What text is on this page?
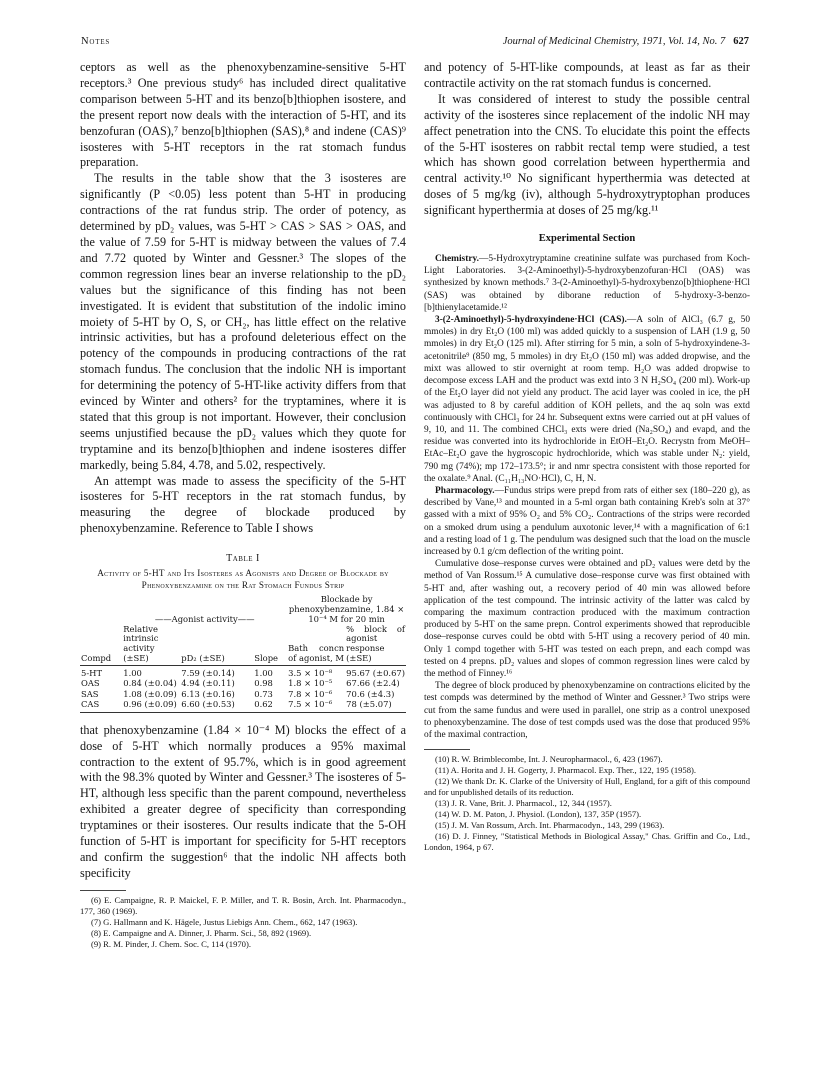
Notes	Journal of Medicinal Chemistry, 1971, Vol. 14, No. 7 627

ceptors as well as the phenoxybenzamine-sensitive 5-HT receptors.³ One previous study⁶ has included direct qualitative comparison between 5-HT and its benzo[b]thiophen isostere, and the present report now deals with the interaction of 5-HT, and its benzofuran (OAS),⁷ benzo[b]thiophen (SAS),⁸ and indene (CAS)⁹ isosteres with 5-HT receptors in the rat stomach fundus preparation.

The results in the table show that the 3 isosteres are significantly (P <0.05) less potent than 5-HT in producing contractions of the rat fundus strip. The order of potency, as determined by pD₂ values, was 5-HT > CAS > SAS > OAS, and the value of 7.59 for 5-HT is midway between the values of 7.4 and 7.72 quoted by Winter and Gessner.³ The slopes of the common regression lines bear an inverse relationship to the pD₂ values but the significance of this finding has not been investigated. It is evident that substitution of the indolic imino moiety of 5-HT by O, S, or CH₂, has little effect on the relative intrinsic activities, but has a profound deleterious effect on the potency of the compounds in producing contractions of the rat stomach fundus. The conclusion that the indolic NH is important for determining the potency of 5-HT-like activity differs from that evinced by Winter and others² for the tryptamines, where it is stated that this group is not important. However, their conclusion seems unjustified because the pD₂ values which they quote for tryptamine and its benzo[b]thiophen and indene isosteres differ markedly, being 5.84, 4.78, and 5.02, respectively.

An attempt was made to assess the specificity of the 5-HT isosteres for 5-HT receptors in the rat stomach fundus, by measuring the degree of blockade produced by phenoxybenzamine. Reference to Table I shows

Table I
Activity of 5-HT and Its Isosteres as Agonists and Degree of Blockade by Phenoxybenzamine on the Rat Stomach Fundus Strip
	——Agonist activity——			Blockade by phenoxybenzamine, 1.84 × 10⁻⁴ M for 20 min	
Compd	Relative intrinsic activity (±SE)	pD₂ (±SE)	Slope	Bath concn of agonist, M	% block of agonist response (±SE)
5-HT	1.00	7.59 (±0.14)	1.00	3.5 × 10⁻⁸	95.67 (±0.67)
OAS	0.84 (±0.04)	4.94 (±0.11)	0.98	1.8 × 10⁻⁵	67.66 (±2.4)
SAS	1.08 (±0.09)	6.13 (±0.16)	0.73	7.8 × 10⁻⁶	70.6 (±4.3)
CAS	0.96 (±0.09)	6.60 (±0.53)	0.62	7.5 × 10⁻⁶	78 (±5.07)

that phenoxybenzamine (1.84 × 10⁻⁴ M) blocks the effect of a dose of 5-HT which normally produces a 95% maximal contraction to the extent of 95.7%, which is in good agreement with the 98.3% quoted by Winter and Gessner.³ The isosteres of 5-HT, although less specific than the parent compound, nevertheless exhibited a greater degree of specificity than corresponding tryptamines or their isosteres. Our results indicate that the 5-OH function of 5-HT is important for specificity for 5-HT receptors and confirm the suggestion⁶ that the indolic NH affects both specificity

(6) E. Campaigne, R. P. Maickel, F. P. Miller, and T. R. Bosin, Arch. Int. Pharmacodyn., 177, 360 (1969).
(7) G. Hallmann and K. Hägele, Justus Liebigs Ann. Chem., 662, 147 (1963).
(8) E. Campaigne and A. Dinner, J. Pharm. Sci., 58, 892 (1969).
(9) R. M. Pinder, J. Chem. Soc. C, 114 (1970).

and potency of 5-HT-like compounds, at least as far as their contractile activity on the rat stomach fundus is concerned.

It was considered of interest to study the possible central activity of the isosteres since replacement of the indolic NH may affect penetration into the CNS. To elucidate this point the effects of the 5-HT isosteres on rabbit rectal temp were studied, a test which has shown good correlation between hyperthermia and central activity.¹⁰ No significant hyperthermia was detected at doses of 5 mg/kg (iv), although 5-hydroxytryptophan produces significant hyperthermia at doses of 25 mg/kg.¹¹

Experimental Section

Chemistry.—5-Hydroxytryptamine creatinine sulfate was purchased from Koch-Light Laboratories. 3-(2-Aminoethyl)-5-hydroxybenzofuran·HCl (OAS) was synthesized by known methods.⁷ 3-(2-Aminoethyl)-5-hydroxybenzo[b]thiophene·HCl (SAS) was obtained by diborane reduction of 5-hydroxy-3-benzo-[b]thienylacetamide.¹²

3-(2-Aminoethyl)-5-hydroxyindene·HCl (CAS).—A soln of AlCl₃ (6.7 g, 50 mmoles) in dry Et₂O (100 ml) was added quickly to a suspension of LAH (1.9 g, 50 mmoles) in dry Et₂O (125 ml). After stirring for 5 min, a soln of 5-hydroxyindene-3-acetonitrile⁹ (850 mg, 5 mmoles) in dry Et₂O (150 ml) was added dropwise, and the mixt was allowed to stir overnight at room temp. H₂O was added dropwise to decompose excess LAH and the product was extd into 3 N H₂SO₄ (200 ml). Work-up of the Et₂O layer did not yield any product. The acid layer was cooled in ice, the pH was adjusted to 8 by careful addition of KOH pellets, and the aq soln was extd continuously with CHCl₃ for 24 hr. Subsequent extns were carried out at pH values of 9, 10, and 11. The combined CHCl₃ exts were dried (Na₂SO₄) and evapd, and the residue was converted into its hydrochloride in EtOH–Et₂O. Recrystn from MeOH–EtAc–Et₂O gave the hygroscopic hydrochloride, which was stable under N₂: yield, 790 mg (74%); mp 172–173.5°; ir and nmr spectra consistent with those reported for the oxalate.⁹ Anal. (C₁₁H₁₃NO·HCl), C, H, N.

Pharmacology.—Fundus strips were prepd from rats of either sex (180–220 g), as described by Vane,¹³ and mounted in a 5-ml organ bath containing Kreb's soln at 37° gassed with a mixt of 95% O₂ and 5% CO₂. Contractions of the strips were recorded on a smoked drum using a pendulum auxotonic lever,¹⁴ with a magnification of 6:1 and a resting load of 1 g. The pendulum was designed such that the load on the muscle increased by 0.1 g/cm deflection of the writing point.

Cumulative dose–response curves were obtained and pD₂ values were detd by the method of Van Rossum.¹⁵ A cumulative dose–response curve was first obtained with 5-HT and, after washing out, a recovery period of 40 min was allowed before application of the test compound. The intrinsic activity of the latter was calcd by comparing the maximum contraction produced with the maximum contraction produced by 5-HT on the same prepn. Control experiments showed that reproducible dose–response curves could be obtd with 5-HT using a recovery period of 40 min. Only 1 compd together with 5-HT was tested on each prepn, and each compd was tested on 4 prepns. pD₂ values and slopes of common regression lines were calcd by the method of Finney.¹⁶

The degree of block produced by phenoxybenzamine on contractions elicited by the test compds was determined by the method of Winter and Gessner.³ Two strips were cut from the same fundus and were used in parallel, one strip as a control unexposed to phenoxybenzamine. The dose of test compds used was the dose that produced 95% of the maximal contraction,

(10) R. W. Brimblecombe, Int. J. Neuropharmacol., 6, 423 (1967).
(11) A. Horita and J. H. Gogerty, J. Pharmacol. Exp. Ther., 122, 195 (1958).
(12) We thank Dr. K. Clarke of the University of Hull, England, for a gift of this compound and for unpublished details of its reduction.
(13) J. R. Vane, Brit. J. Pharmacol., 12, 344 (1957).
(14) W. D. M. Paton, J. Physiol. (London), 137, 35P (1957).
(15) J. M. Van Rossum, Arch. Int. Pharmacodyn., 143, 299 (1963).
(16) D. J. Finney, "Statistical Methods in Biological Assay," Chas. Griffin and Co., Ltd., London, 1964, p 67.
